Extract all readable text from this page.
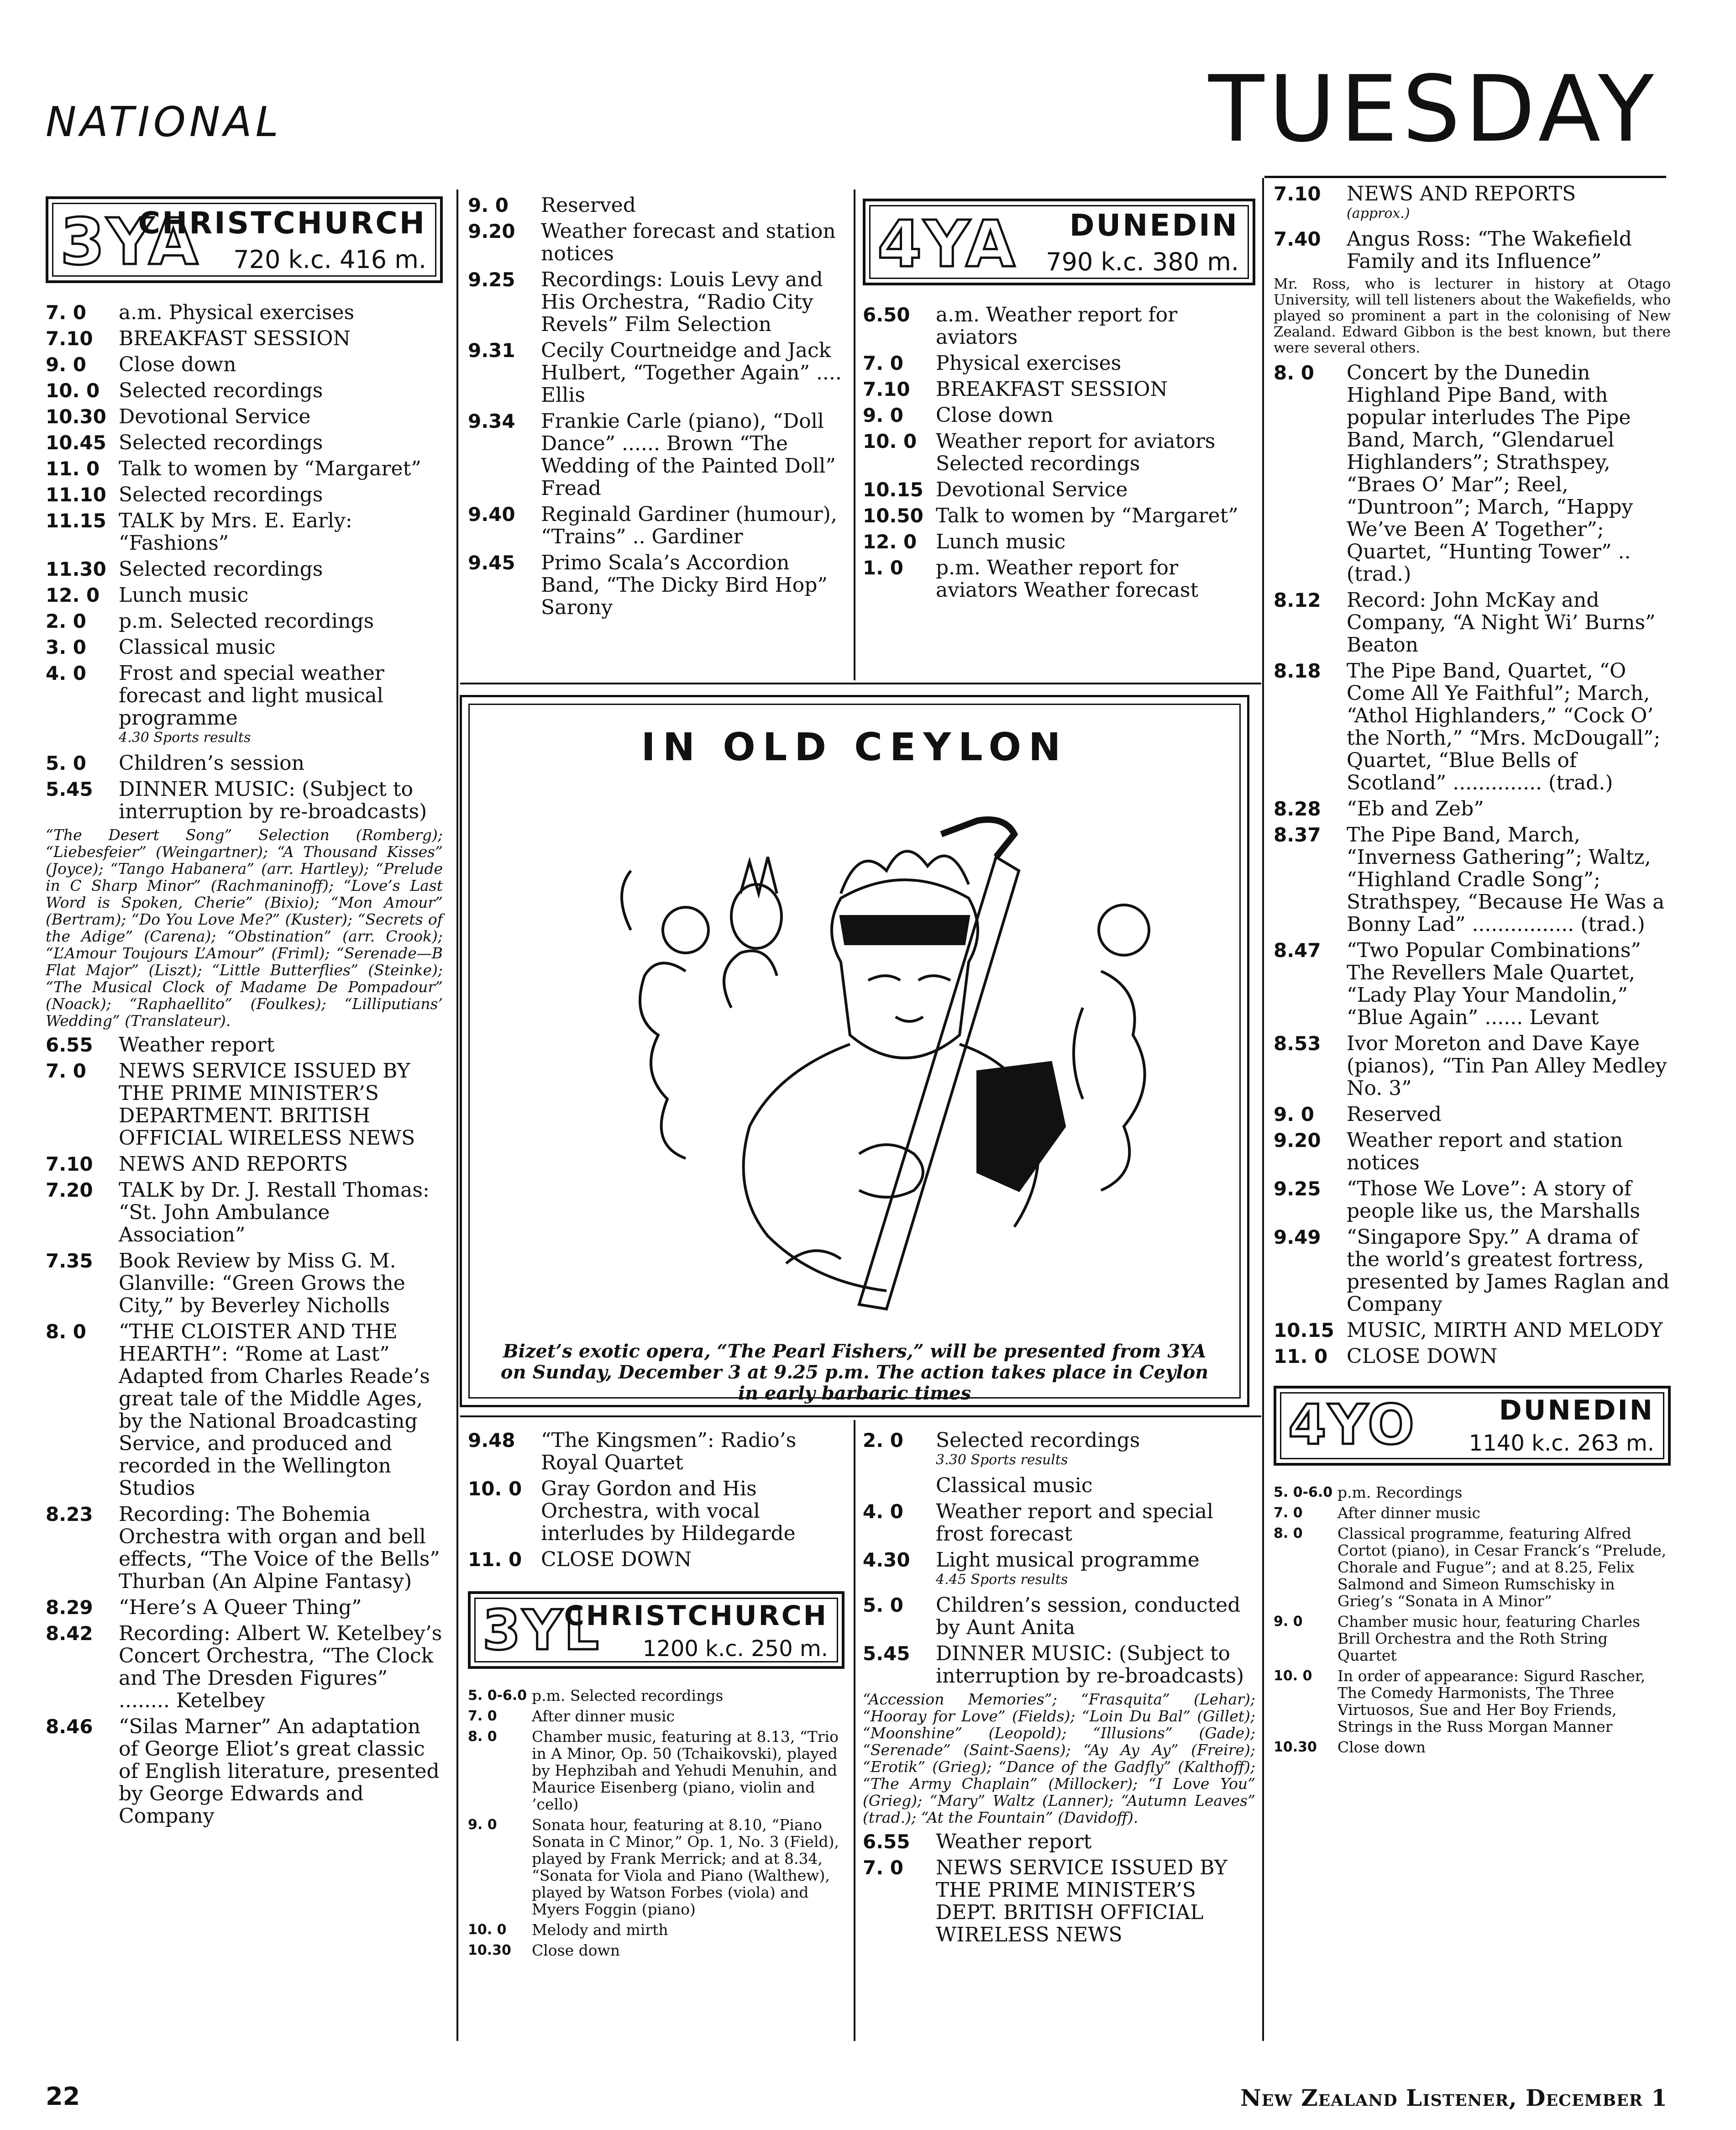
NATIONAL	TUESDAY
3YA
CHRISTCHURCH
720 k.c. 416 m.
7. 0	a.m. Physical exercises
7.10	BREAKFAST SESSION
9. 0	Close down
10. 0 Selected recordings
10.30 Devotional Service
10.45 Selected recordings
11. 0 Talk to women by “Margaret”
11.10 Selected recordings
11.15 TALK by Mrs. E. Early: “Fashions”
11.30 Selected recordings
12. 0 Lunch music
2. 0	p.m. Selected recordings
3. 0	Classical music
4. 0	Frost and special weather forecast and light musical programme
4.30 Sports results
5. 0	Children’s session
5.45	DINNER MUSIC: (Subject to interruption by re-broadcasts)
“The Desert Song” Selection (Romberg); “Liebesfeier” (Weingartner); “A Thousand Kisses” (Joyce); “Tango Habanera” (arr. Hartley); “Prelude in C Sharp Minor” (Rachmaninoff); “Love’s Last Word is Spoken, Cherie” (Bixio); “Mon Amour” (Bertram); “Do You Love Me?” (Kuster); “Secrets of the Adige” (Carena); “Obstination” (arr. Crook); “L’Amour Toujours L’Amour” (Friml); “Serenade—B Flat Major” (Liszt); “Little Butterflies” (Steinke); “The Musical Clock of Madame De Pompadour” (Noack); “Raphaellito” (Foulkes); “Lilliputians’ Wedding” (Translateur).
6.55	Weather report
7. 0	NEWS SERVICE ISSUED BY THE PRIME MINISTER’S DEPARTMENT. BRITISH OFFICIAL WIRELESS NEWS
7.10	NEWS AND REPORTS
7.20	TALK by Dr. J. Restall Thomas: “St. John Ambulance Association”
7.35	Book Review by Miss G. M. Glanville: “Green Grows the City,” by Beverley Nicholls
8. 0	“THE CLOISTER AND THE HEARTH”: “Rome at Last” Adapted from Charles Reade’s great tale of the Middle Ages, by the National Broadcasting Service, and produced and recorded in the Wellington Studios
8.23	Recording: The Bohemia Orchestra with organ and bell effects, “The Voice of the Bells” Thurban (An Alpine Fantasy)
8.29	“Here’s A Queer Thing”
8.42	Recording: Albert W. Ketelbey’s Concert Orchestra, “The Clock and The Dresden Figures” ........ Ketelbey
8.46	“Silas Marner” An adaptation of George Eliot’s great classic of English literature, presented by George Edwards and Company
9. 0	Reserved
9.20	Weather forecast and station notices
9.25	Recordings: Louis Levy and His Orchestra, “Radio City Revels” Film Selection
9.31	Cecily Courtneidge and Jack Hulbert, “Together Again” .... Ellis
9.34	Frankie Carle (piano), “Doll Dance” ...... Brown “The Wedding of the Painted Doll” Fread
9.40	Reginald Gardiner (humour), “Trains” .. Gardiner
9.45	Primo Scala’s Accordion Band, “The Dicky Bird Hop” Sarony
4YA DUNEDIN
790 k.c. 380 m.
6.50	a.m. Weather report for aviators
7. 0	Physical exercises
7.10	BREAKFAST SESSION
9. 0	Close down
10. 0 Weather report for aviators Selected recordings
10.15 Devotional Service
10.50 Talk to women by “Margaret”
12. 0 Lunch music
1. 0	p.m. Weather report for aviators Weather forecast
IN OLD CEYLON
Bizet’s exotic opera, “The Pearl Fishers,” will be presented from 3YA on Sunday, December 3 at 9.25 p.m. The action takes place in Ceylon in early barbaric times
9.48	“The Kingsmen”: Radio’s Royal Quartet
10. 0 Gray Gordon and His Orchestra, with vocal interludes by Hildegarde
11. 0 CLOSE DOWN
3YL
CHRISTCHURCH
1200 k.c. 250 m.
5. 0-6.0 p.m. Selected recordings
7. 0	After dinner music
8. 0	Chamber music, featuring at 8.13, “Trio in A Minor, Op. 50 (Tchaikovski), played by Hephzibah and Yehudi Menuhin, and Maurice Eisenberg (piano, violin and ’cello)
9. 0	Sonata hour, featuring at 8.10, “Piano Sonata in C Minor,” Op. 1, No. 3 (Field), played by Frank Merrick; and at 8.34, “Sonata for Viola and Piano (Walthew), played by Watson Forbes (viola) and Myers Foggin (piano)
10. 0	Melody and mirth
10.30	Close down
2. 0	Selected recordings
3.30 Sports results
Classical music
4. 0	Weather report and special frost forecast
4.30	Light musical programme
4.45 Sports results
5. 0	Children’s session, conducted by Aunt Anita
5.45	DINNER MUSIC: (Subject to interruption by re-broadcasts)
“Accession Memories”; “Frasquita” (Lehar); “Hooray for Love” (Fields); “Loin Du Bal” (Gillet); “Moonshine” (Leopold); “Illusions” (Gade); “Serenade” (Saint-Saens); “Ay Ay Ay” (Freire); “Erotik” (Grieg); “Dance of the Gadfly” (Kalthoff); “The Army Chaplain” (Millocker); “I Love You” (Grieg); “Mary” Waltz (Lanner); “Autumn Leaves” (trad.); “At the Fountain” (Davidoff).
6.55	Weather report
7. 0	NEWS SERVICE ISSUED BY THE PRIME MINISTER’S DEPT. BRITISH OFFICIAL WIRELESS NEWS
7.10	NEWS AND REPORTS
(approx.)
7.40	Angus Ross: “The Wakefield Family and its Influence”
Mr. Ross, who is lecturer in history at Otago University, will tell listeners about the Wakefields, who played so prominent a part in the colonising of New Zealand. Edward Gibbon is the best known, but there were several others.
8. 0	Concert by the Dunedin Highland Pipe Band, with popular interludes The Pipe Band, March, “Glendaruel Highlanders”; Strathspey, “Braes O’ Mar”; Reel, “Duntroon”; March, “Happy We’ve Been A’ Together”; Quartet, “Hunting Tower” .. (trad.)
8.12	Record: John McKay and Company, “A Night Wi’ Burns” Beaton
8.18	The Pipe Band, Quartet, “O Come All Ye Faithful”; March, “Athol Highlanders,” “Cock O’ the North,” “Mrs. McDougall”; Quartet, “Blue Bells of Scotland” .............. (trad.)
8.28	“Eb and Zeb”
8.37	The Pipe Band, March, “Inverness Gathering”; Waltz, “Highland Cradle Song”; Strathspey, “Because He Was a Bonny Lad” ................ (trad.)
8.47	“Two Popular Combinations” The Revellers Male Quartet, “Lady Play Your Mandolin,” “Blue Again” ...... Levant
8.53	Ivor Moreton and Dave Kaye (pianos), “Tin Pan Alley Medley No. 3”
9. 0	Reserved
9.20	Weather report and station notices
9.25	“Those We Love”: A story of people like us, the Marshalls
9.49	“Singapore Spy.” A drama of the world’s greatest fortress, presented by James Raglan and Company
10.15 MUSIC, MIRTH AND MELODY
11. 0 CLOSE DOWN
4YO	DUNEDIN
1140 k.c. 263 m.
5. 0-6.0 p.m. Recordings
7. 0	After dinner music
8. 0	Classical programme, featuring Alfred Cortot (piano), in Cesar Franck’s “Prelude, Chorale and Fugue”; and at 8.25, Felix Salmond and Simeon Rumschisky in Grieg’s “Sonata in A Minor”
9. 0	Chamber music hour, featuring Charles Brill Orchestra and the Roth String Quartet
10. 0	In order of appearance: Sigurd Rascher, The Comedy Harmonists, The Three Virtuosos, Sue and Her Boy Friends, Strings in the Russ Morgan Manner
10.30	Close down
22	New Zealand Listener, December 1
